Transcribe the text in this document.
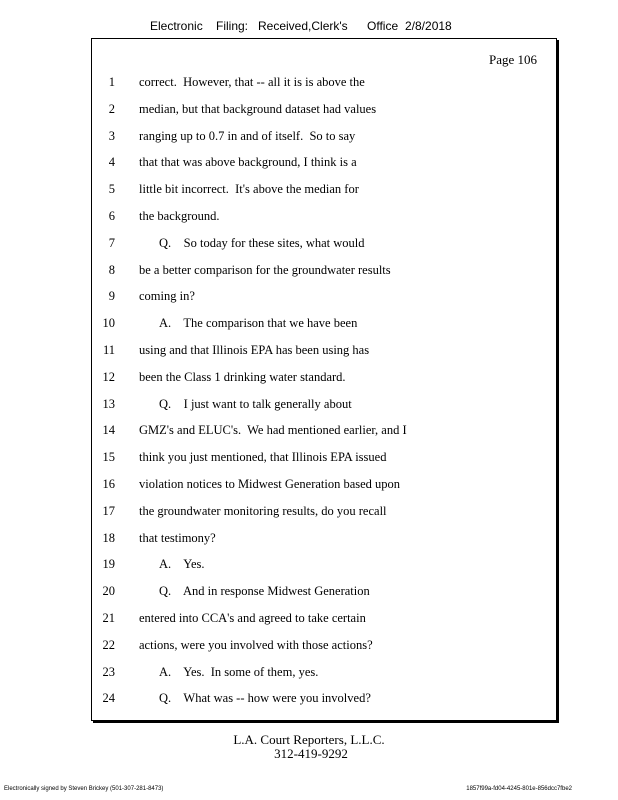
Electronic Filing: Received,Clerk's Office 2/8/2018
Page 106
1 correct.  However, that -- all it is is above the
2 median, but that background dataset had values
3 ranging up to 0.7 in and of itself.  So to say
4 that that was above background, I think is a
5 little bit incorrect.  It's above the median for
6 the background.
7	Q.    So today for these sites, what would
8 be a better comparison for the groundwater results
9 coming in?
10	A.    The comparison that we have been
11 using and that Illinois EPA has been using has
12 been the Class 1 drinking water standard.
13	Q.    I just want to talk generally about
14 GMZ's and ELUC's.  We had mentioned earlier, and I
15 think you just mentioned, that Illinois EPA issued
16 violation notices to Midwest Generation based upon
17 the groundwater monitoring results, do you recall
18 that testimony?
19	A.    Yes.
20	Q.    And in response Midwest Generation
21 entered into CCA's and agreed to take certain
22 actions, were you involved with those actions?
23	A.    Yes.  In some of them, yes.
24	Q.    What was -- how were you involved?
L.A. Court Reporters, L.L.C.
312-419-9292
Electronically signed by Steven Brickey (501-307-281-8473)	1857f99a-fd04-4245-801e-856dcc7fbe2
